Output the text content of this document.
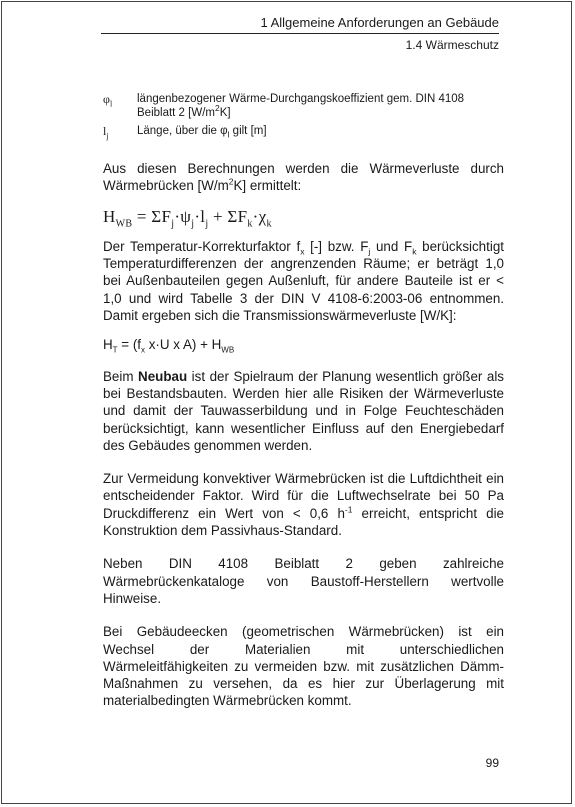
1 Allgemeine Anforderungen an Gebäude
1.4 Wärmeschutz
$\varphi_l$	längenbezogener Wärme-Durchgangskoeffizient gem. DIN 4108 Beiblatt 2 $[W/m^2K]$
$l_j$	Länge, über die $\varphi_l$ gilt [m]

Aus diesen Berechnungen werden die Wärmeverluste durch Wärmebrücken $[W/m^2K]$ ermittelt:

$H_{WB} = \Sigma F_j\cdot\psi_j\cdot l_j + \Sigma F_k\cdot\chi_k$

Der Temperatur-Korrekturfaktor $f_x$ [-] bzw. $F_j$ und $F_k$ berücksichtigt Temperaturdifferenzen der angrenzenden Räume; er beträgt 1,0 bei Außenbauteilen gegen Außenluft, für andere Bauteile ist er < 1,0 und wird Tabelle 3 der DIN V 4108-6:2003-06 entnommen. Damit ergeben sich die Transmissionswärmeverluste [W/K]:

$H_T = (f_x$ x·U x $A) + H_{WB}$

Beim Neubau ist der Spielraum der Planung wesentlich größer als bei Bestandsbauten. Werden hier alle Risiken der Wärmeverluste und damit der Tauwasserbildung und in Folge Feuchteschäden berücksichtigt, kann wesentlicher Einfluss auf den Energiebedarf des Gebäudes genommen werden.

Zur Vermeidung konvektiver Wärmebrücken ist die Luftdichtheit ein entscheidender Faktor. Wird für die Luftwechselrate bei 50 Pa Druckdifferenz ein Wert von < 0,6 $h^{-1}$ erreicht, entspricht die Konstruktion dem Passivhaus-Standard.

Neben DIN 4108 Beiblatt 2 geben zahlreiche Wärmebrückenkataloge von Baustoff-Herstellern wertvolle Hinweise.

Bei Gebäudeecken (geometrischen Wärmebrücken) ist ein Wechsel der Materialien mit unterschiedlichen Wärmeleitfähigkeiten zu vermeiden bzw. mit zusätzlichen Dämm-Maßnahmen zu versehen, da es hier zur Überlagerung mit materialbedingten Wärmebrücken kommt.

99
